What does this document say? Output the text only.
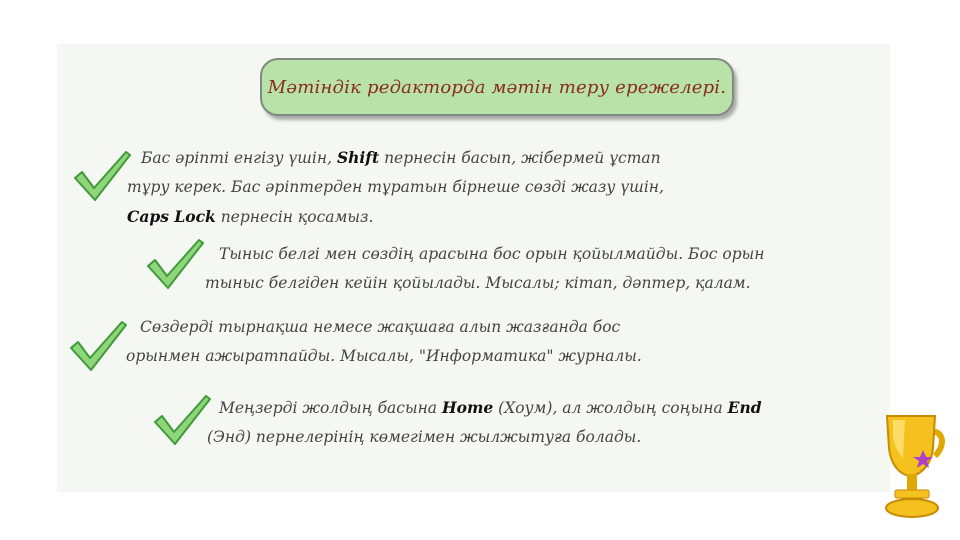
Мәтіндік редакторда мәтін теру ережелері.
Бас әріпті енгізу үшін, Shift пернесін басып, жібермей ұстап
тұру керек. Бас әріптерден тұратын бірнеше сөзді жазу үшін,
Caps Lock пернесін қосамыз.
Тыныс белгі мен сөздің арасына бос орын қойылмайды. Бос орын
тыныс белгіден кейін қойылады. Мысалы; кітап, дәптер, қалам.
Сөздерді тырнақша немесе жақшаға алып жазғанда бос
орынмен ажыратпайды. Мысалы, "Информатика" журналы.
Меңзерді жолдың басына Home (Хоум), ал жолдың соңына End
(Энд) пернелерінің көмегімен жылжытуға болады.
